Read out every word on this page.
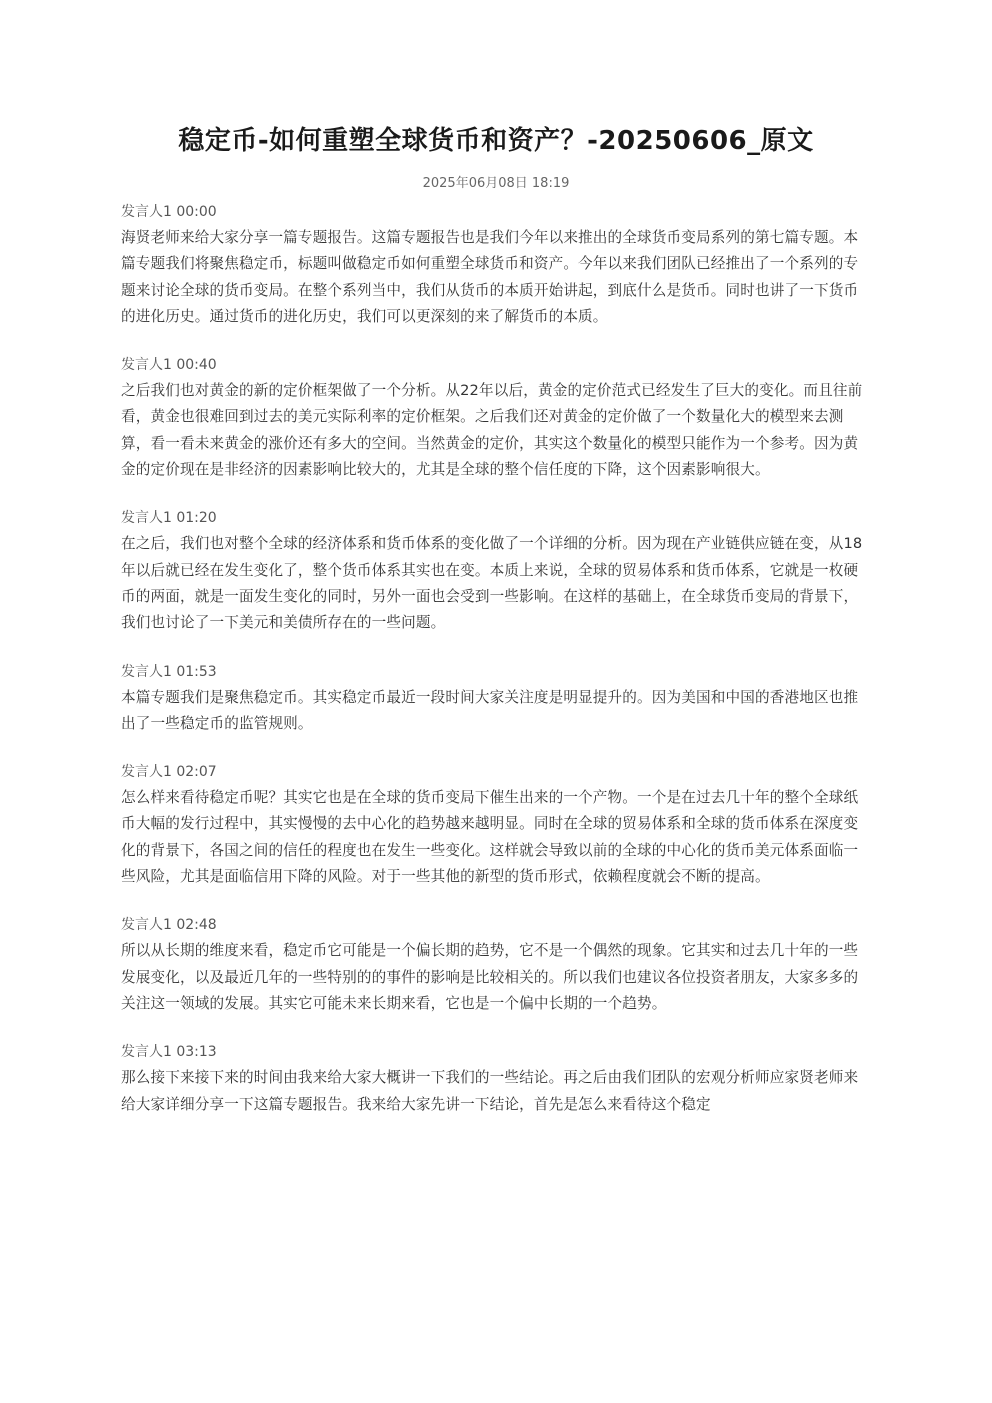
稳定币-如何重塑全球货币和资产？-20250606_原文
2025年06月08日 18:19
发言人1 00:00

海贤老师来给大家分享一篇专题报告。这篇专题报告也是我们今年以来推出的全球货币变局系列的第七篇专题。本篇专题我们将聚焦稳定币，标题叫做稳定币如何重塑全球货币和资产。今年以来我们团队已经推出了一个系列的专题来讨论全球的货币变局。在整个系列当中，我们从货币的本质开始讲起，到底什么是货币。同时也讲了一下货币的进化历史。通过货币的进化历史，我们可以更深刻的来了解货币的本质。

发言人1 00:40

之后我们也对黄金的新的定价框架做了一个分析。从22年以后，黄金的定价范式已经发生了巨大的变化。而且往前看，黄金也很难回到过去的美元实际利率的定价框架。之后我们还对黄金的定价做了一个数量化大的模型来去测算，看一看未来黄金的涨价还有多大的空间。当然黄金的定价，其实这个数量化的模型只能作为一个参考。因为黄金的定价现在是非经济的因素影响比较大的，尤其是全球的整个信任度的下降，这个因素影响很大。

发言人1 01:20

在之后，我们也对整个全球的经济体系和货币体系的变化做了一个详细的分析。因为现在产业链供应链在变，从18年以后就已经在发生变化了，整个货币体系其实也在变。本质上来说，全球的贸易体系和货币体系，它就是一枚硬币的两面，就是一面发生变化的同时，另外一面也会受到一些影响。在这样的基础上，在全球货币变局的背景下，我们也讨论了一下美元和美债所存在的一些问题。

发言人1 01:53

本篇专题我们是聚焦稳定币。其实稳定币最近一段时间大家关注度是明显提升的。因为美国和中国的香港地区也推出了一些稳定币的监管规则。

发言人1 02:07

怎么样来看待稳定币呢？其实它也是在全球的货币变局下催生出来的一个产物。一个是在过去几十年的整个全球纸币大幅的发行过程中，其实慢慢的去中心化的趋势越来越明显。同时在全球的贸易体系和全球的货币体系在深度变化的背景下，各国之间的信任的程度也在发生一些变化。这样就会导致以前的全球的中心化的货币美元体系面临一些风险，尤其是面临信用下降的风险。对于一些其他的新型的货币形式，依赖程度就会不断的提高。

发言人1 02:48

所以从长期的维度来看，稳定币它可能是一个偏长期的趋势，它不是一个偶然的现象。它其实和过去几十年的一些发展变化，以及最近几年的一些特别的的事件的影响是比较相关的。所以我们也建议各位投资者朋友，大家多多的关注这一领域的发展。其实它可能未来长期来看，它也是一个偏中长期的一个趋势。

发言人1 03:13

那么接下来接下来的时间由我来给大家大概讲一下我们的一些结论。再之后由我们团队的宏观分析师应家贤老师来给大家详细分享一下这篇专题报告。我来给大家先讲一下结论，首先是怎么来看待这个稳定
